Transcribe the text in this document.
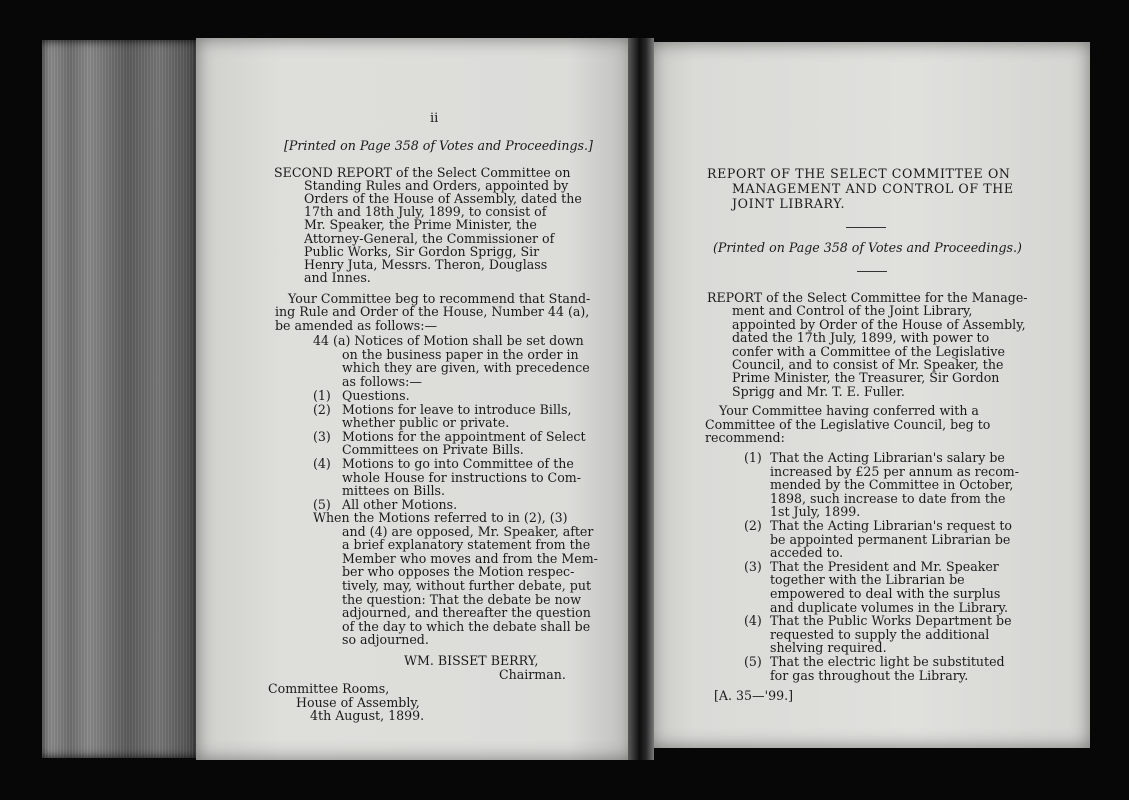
ii
[Printed on Page 358 of Votes and Proceedings.]
SECOND REPORT of the Select Committee on
Standing Rules and Orders, appointed by
Orders of the House of Assembly, dated the
17th and 18th July, 1899, to consist of
Mr. Speaker, the Prime Minister, the
Attorney-General, the Commissioner of
Public Works, Sir Gordon Sprigg, Sir
Henry Juta, Messrs. Theron, Douglass
and Innes.
Your Committee beg to recommend that Stand-
ing Rule and Order of the House, Number 44 (a),
be amended as follows:—
44 (a) Notices of Motion shall be set down
on the business paper in the order in
which they are given, with precedence
as follows:—
(1) Questions.
(2) Motions for leave to introduce Bills,
whether public or private.
(3) Motions for the appointment of Select
Committees on Private Bills.
(4) Motions to go into Committee of the
whole House for instructions to Com-
mittees on Bills.
(5) All other Motions.
When the Motions referred to in (2), (3)
and (4) are opposed, Mr. Speaker, after
a brief explanatory statement from the
Member who moves and from the Mem-
ber who opposes the Motion respec-
tively, may, without further debate, put
the question: That the debate be now
adjourned, and thereafter the question
of the day to which the debate shall be
so adjourned.
WM. BISSET BERRY,
Chairman.
Committee Rooms,
House of Assembly,
4th August, 1899.
REPORT OF THE SELECT COMMITTEE ON
MANAGEMENT AND CONTROL OF THE
JOINT LIBRARY.
(Printed on Page 358 of Votes and Proceedings.)
REPORT of the Select Committee for the Manage-
ment and Control of the Joint Library,
appointed by Order of the House of Assembly,
dated the 17th July, 1899, with power to
confer with a Committee of the Legislative
Council, and to consist of Mr. Speaker, the
Prime Minister, the Treasurer, Sir Gordon
Sprigg and Mr. T. E. Fuller.
Your Committee having conferred with a
Committee of the Legislative Council, beg to
recommend:
(1) That the Acting Librarian's salary be
increased by £25 per annum as recom-
mended by the Committee in October,
1898, such increase to date from the
1st July, 1899.
(2) That the Acting Librarian's request to
be appointed permanent Librarian be
acceded to.
(3) That the President and Mr. Speaker
together with the Librarian be
empowered to deal with the surplus
and duplicate volumes in the Library.
(4) That the Public Works Department be
requested to supply the additional
shelving required.
(5) That the electric light be substituted
for gas throughout the Library.
[A. 35—'99.]
